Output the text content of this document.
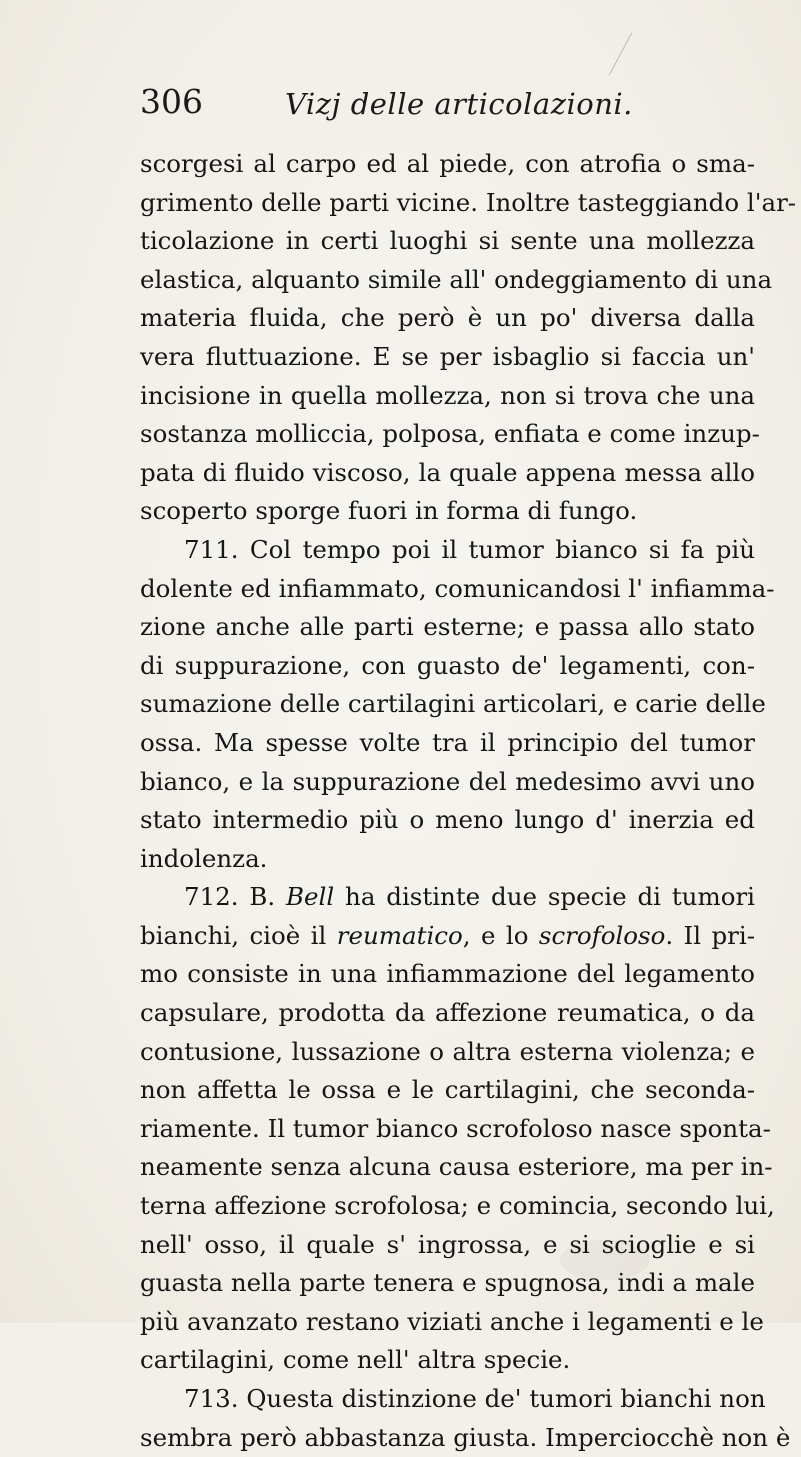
306	Vizj delle articolazioni.
scorgesi al carpo ed al piede, con atrofia o sma-
grimento delle parti vicine. Inoltre tasteggiando l'ar-
ticolazione in certi luoghi si sente una mollezza
elastica, alquanto simile all' ondeggiamento di una
materia fluida, che però è un po' diversa dalla
vera fluttuazione. E se per isbaglio si faccia un'
incisione in quella mollezza, non si trova che una
sostanza molliccia, polposa, enfiata e come inzup-
pata di fluido viscoso, la quale appena messa allo
scoperto sporge fuori in forma di fungo.
711. Col tempo poi il tumor bianco si fa più
dolente ed infiammato, comunicandosi l' infiamma-
zione anche alle parti esterne; e passa allo stato
di suppurazione, con guasto de' legamenti, con-
sumazione delle cartilagini articolari, e carie delle
ossa. Ma spesse volte tra il principio del tumor
bianco, e la suppurazione del medesimo avvi uno
stato intermedio più o meno lungo d' inerzia ed
indolenza.
712. B. Bell ha distinte due specie di tumori
bianchi, cioè il reumatico, e lo scrofoloso. Il pri-
mo consiste in una infiammazione del legamento
capsulare, prodotta da affezione reumatica, o da
contusione, lussazione o altra esterna violenza; e
non affetta le ossa e le cartilagini, che seconda-
riamente. Il tumor bianco scrofoloso nasce sponta-
neamente senza alcuna causa esteriore, ma per in-
terna affezione scrofolosa; e comincia, secondo lui,
nell' osso, il quale s' ingrossa, e si scioglie e si
guasta nella parte tenera e spugnosa, indi a male
più avanzato restano viziati anche i legamenti e le
cartilagini, come nell' altra specie.
713. Questa distinzione de' tumori bianchi non
sembra però abbastanza giusta. Imperciocchè non è
